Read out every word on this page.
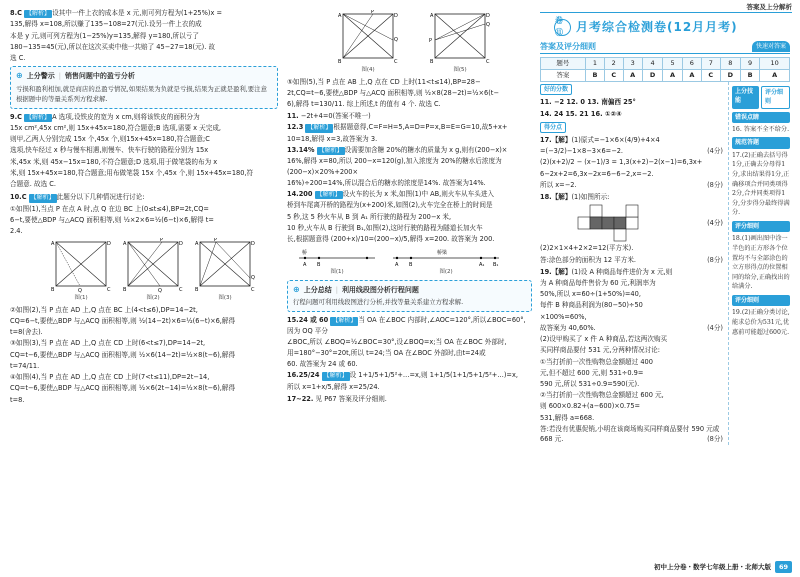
答案及上分解析

8.C 【解析】 设其中一件上衣的成本是 x 元,则可列方程为(1+25%)x =

135,解得 x=108,所以赚了135−108=27(元).设另一件上衣的成

本是 y 元,则可列方程为(1−25%)y=135,解得 y=180,所以亏了

180−135=45(元),所以在这次买卖中他一共赔了 45−27=18(元). 故

选 C.

⊕ 上分警示 | 销售问题中的盈亏分析
亏损和盈利相加,就是商店的总盈亏情况,如果结果为负就是亏损,结果为正就是盈利,要注意根据题中的等量关系列方程求解.

9.C 【解析】 A 选项,设铁皮的宽为 x cm,则将该铁皮的面积分为

15x cm²,45x cm²,则 15x+45x=180,符合题意;B 选项,需要 x 天完成,

则甲,乙两人分别完成 15x 个,45x 个,则15x+45x=180,符合题意;C

选项,快车经过 x 秒与慢车相遇,则慢车、快车行驶的路程分别为 15x

米,45x 米,则 45x−15x=180,不符合题意;D 选项,用于做笔袋的布为 x

米,则 15x+45x=180,符合题意;用布做笔袋 15x 个,45x 个,则 15x+45x=180,符

合题意. 故选 C.

10.C 【解析】 此题分以下几种情况进行讨论:

①如图(1),当点 P 在点 A 时,点 Q 在边 BC 上(0≤t≤4),BP=2t,CQ=

6−t,要使△BDP 与△ACQ 面积相等,则 ½×2×6=½(6−t)×6,解得 t=

2.4.

A	D
B	C
Q
图(1)
A
P
D
B	Q	C
图(2)
A
P
D
Q
B	C
图(3)

②如图(2),当 P 点在 AD 上,Q 点在 BC 上(4<t≤6),DP=14−2t,

CQ=6−t,要使△BDP 与△ACQ 面积相等,则 ½(14−2t)×6=½(6−t)×6,解得

t=8(舍去).

③如图(3),当 P 点在 AD 上,Q 点在 CD 上时(6<t≤7),DP=14−2t,

CQ=t−6,要使△BDP 与△ACQ 面积相等,则 ½×6(14−2t)=½×8(t−6),解得

t=74/11.

④如图(4),当 P 点在 AD 上,Q 点在 CD 上时(7<t≤11),DP=2t−14,

CQ=t−6,要使△BDP 与△ACQ 面积相等,则 ½×6(2t−14)=½×8(t−6),解得

t=8.

A
P
D
Q
B	C
图(4)
A	D
P
Q
B	C
图(5)

⑤如图(5),当 P 点在 AB 上,Q 点在 CD 上时(11<t≤14),BP=28−

2t,CQ=t−6,要使△BDP 与△ACQ 面积相等,则 ½×8(28−2t)=½×6(t−

6),解得 t=130/11. 综上所述,t 的值有 4 个. 故选 C.

11. −2t+4=0(答案不唯一)

12.3 【解析】 根据题意得,C=F=H=5,A=D=P=x,B=E=G=10,故5+x+

10=18,解得 x=3,故答案为 3.

13.14% 【解析】 设需要加含糖 20%的糖水的质量为 x g,则有(200−x)×

16%,解得 x=80,所以 200−x=120(g),加入浓度为 20%的糖水后浓度为(200−x)×20%+200×

16%)÷200=14%,所以混合后的糖水的浓度是14%. 故答案为14%.

14.200 【解析】 设火车的长为 x 米,如图(1)中 AB,则火车从车头进入

桥到车尾离开桥的路程为(x+200)米,如图(2),火车完全在桥上的时间是

5 秒,这 5 秒火车从 B 到 A₁ 所行驶的路程为 200−x 米,

10 秒,火车从 B 行驶到 B₁,如图(2),这时行驶的路程为隧道长加火车

长,根据题意得 (200+x)/10=(200−x)/5,解得 x=200. 故答案为 200.

桥
A B
图(1)
桥梁
A B	A₁ B₁
图(2)
⊕ 上分总结 | 利用线段图分析行程问题
行程问题可利用线段图进行分析,并找等量关系建立方程求解.

15.24 或 60 【解析】 当 OA 在∠BOC 内部时,∠AOC=120°,所以∠BOC=60°,因为 OQ 平分

∠BOC,所以 ∠BOQ=½∠BOC=30°,设∠BOQ=x;当 OA 在∠BOC 外部时,

用=180°−30°=20t,所以 t=24;当 OA 在∠BOC 外部时,由t=24或

60. 故答案为 24 或 60.

16.25/24 【解析】 设 1+1/5+1/5²+…=x,则 1+1/5(1+1/5+1/5²+…)=x,

所以 x=1+x/5,解得 x=25/24.

17~22. 见 P67 答案及评分细则.

卷⑪	月考综合检测卷(12月月考)
答案及评分细则	快速对答案
题号	1	2	3	4	5	6	7	8	9	10
答案	B	C	A	D	A	A	C	D	B	A
好的分数

11. −2 12. 0 13. 南偏西 25°

14. 24 15. 21 16. ①②④

得分点

17.【解】(1)原式=−1×6×(4/9)+4×4

=(−3/2)−1×8−3×6=−2.	(4分)

(2)(x+2)/2 − (x−1)/3 = 1,3(x+2)−2(x−1)=6,3x+

6−2x+2=6,3x−2x=6−6−2,x=−2.

所以 x=−2.	(8分)

18.【解】(1)如图所示:

(4分)

(2)2×1×4+2×2=12(平方米).

答:涂色部分的面积为 12 平方米.	(8分)

19.【解】(1)设 A 种商品每件进价为 x 元,则

为 A 种商品每件售价为 60 元,利润率为

50%,所以 x=60÷(1+50%)=40,

每件 B 种商品利润为(80−50)÷50

×100%=60%,

故答案为 40,60%.	(4分)

(2)设甲购买了 x 件 A 种商品,若这两次购买

买同样商品要付 531 元,分两种情况讨论:

①当打折前一次性购物总金额超过 400

元,但不超过 600 元,则 531÷0.9=

590 元,所以 531÷0.9=590(元).

②当打折前一次性购物总金额超过 600 元,

则 600×0.82+(a−600)×0.75=

531,解得 a=668.

答:若没有优惠促销,小明在该商场购买同样商品要付 590 元或 668 元.	(8分)

上分技能
评分细则
错误点睛
16. 答案不全不给分.
规范答题
17.(2)正确去括号得1分,正确去分母得1分,求出结果得1分,正确移项合并同类项得2分,合并同类项得1分,分步得分最终得满分.
评分细则
18.(1)画出图中涂一半色的正方形各个位置均不与全部涂色的立方形得点的位置相同的给分,正确找出的给满分.
评分细则
19.(2)正确分类讨论,能求总价为531元,优惠前可能超过600元.
初中上分卷・数学七年级上册・北师大版	69
